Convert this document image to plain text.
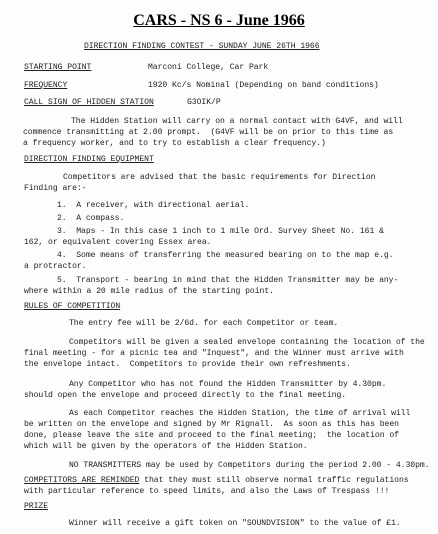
CARS - NS 6 - June 1966
DIRECTION FINDING CONTEST - SUNDAY JUNE 26TH 1966
STARTING POINT	Marconi College, Car Park
FREQUENCY	1920 Kc/s Nominal (Depending on band conditions)
CALL SIGN OF HIDDEN STATION	G3OIK/P
The Hidden Station will carry on a normal contact with G4VF, and will
commence transmitting at 2.00 prompt.  (G4VF will be on prior to this time as
a frequency worker, and to try to establish a clear frequency.)
DIRECTION FINDING EQUIPMENT
Competitors are advised that the basic requirements for Direction
Finding are:-
1.  A receiver, with directional aerial.
2.  A compass.
3.  Maps - In this case 1 inch to 1 mile Ord. Survey Sheet No. 161 &
162, or equivalent covering Essex area.
4.  Some means of transferring the measured bearing on to the map e.g.
a protractor.
5.  Transport - bearing in mind that the Hidden Transmitter may be any-
where within a 20 mile radius of the starting point.
RULES OF COMPETITION
The entry fee will be 2/6d. for each Competitor or team.
Competitors will be given a sealed envelope containing the location of the
final meeting - for a picnic tea and "Inquest", and the Winner must arrive with
the envelope intact.  Competitors to provide their own refreshments.
Any Competitor who has not found the Hidden Transmitter by 4.30pm.
should open the envelope and proceed directly to the final meeting.
As each Competitor reaches the Hidden Station, the time of arrival will
be written on the envelope and signed by Mr Rignall.  As soon as this has been
done, please leave the site and proceed to the final meeting;  the location of
which will be given by the operators of the Hidden Station.
NO TRANSMITTERS may be used by Competitors during the period 2.00 - 4.30pm.
COMPETITORS ARE REMINDED that they must still observe normal traffic regulations
with particular reference to speed limits, and also the Laws of Trespass !!!
PRIZE
Winner will receive a gift token on "SOUNDVISION" to the value of £1.
